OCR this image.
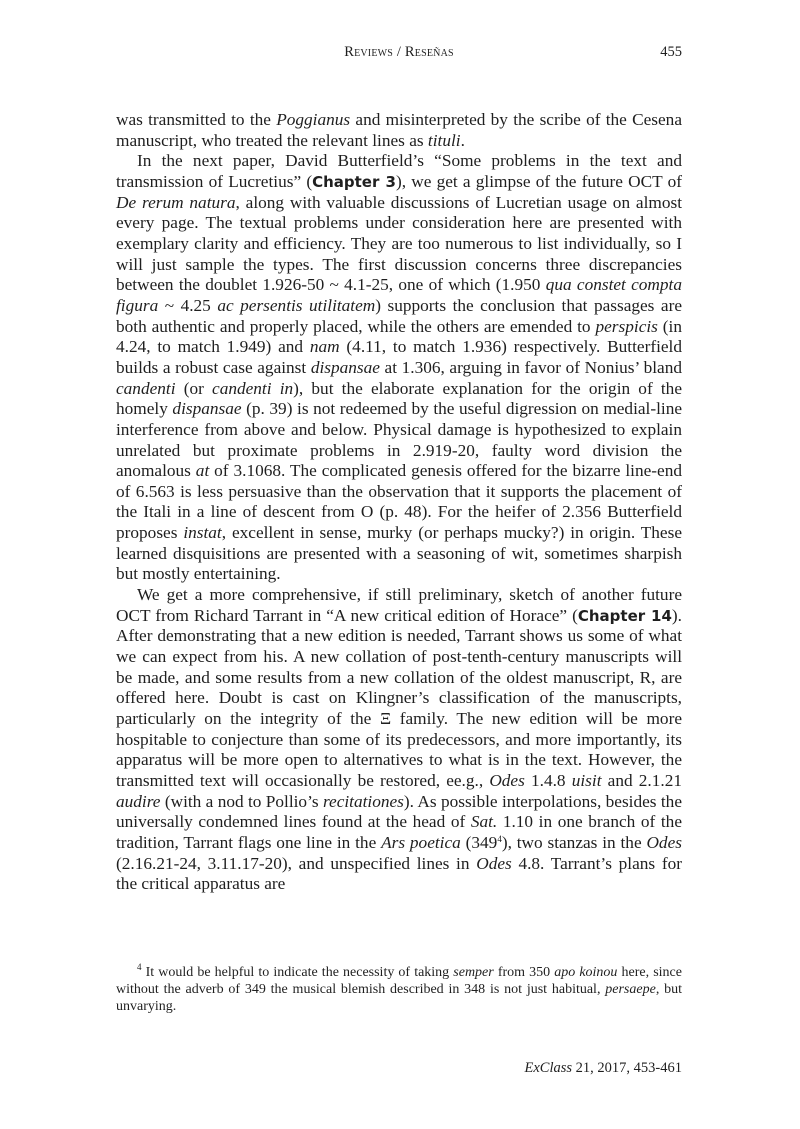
Reviews / Reseñas	455

was transmitted to the Poggianus and misinterpreted by the scribe of the Cesena manuscript, who treated the relevant lines as tituli.

In the next paper, David Butterfield’s “Some problems in the text and transmission of Lucretius” (Chapter 3), we get a glimpse of the future OCT of De rerum natura, along with valuable discussions of Lucretian usage on almost every page. The textual problems under consideration here are presented with exemplary clarity and efficiency. They are too numerous to list individually, so I will just sample the types. The first discussion concerns three discrepancies between the doublet 1.926-50 ~ 4.1-25, one of which (1.950 qua constet compta figura ~ 4.25 ac persentis utilitatem) supports the conclusion that passages are both authentic and properly placed, while the others are emended to perspicis (in 4.24, to match 1.949) and nam (4.11, to match 1.936) respectively. Butterfield builds a robust case against dispansae at 1.306, arguing in favor of Nonius’ bland candenti (or candenti in), but the elaborate explanation for the origin of the homely dispansae (p. 39) is not redeemed by the useful digression on medial-line interference from above and below. Physical damage is hypothesized to explain unrelated but proximate problems in 2.919-20, faulty word division the anomalous at of 3.1068. The complicated genesis offered for the bizarre line-end of 6.563 is less persuasive than the observation that it supports the placement of the Itali in a line of descent from O (p. 48). For the heifer of 2.356 Butterfield proposes instat, excellent in sense, murky (or perhaps mucky?) in origin. These learned disquisitions are presented with a seasoning of wit, sometimes sharpish but mostly entertaining.

We get a more comprehensive, if still preliminary, sketch of another future OCT from Richard Tarrant in “A new critical edition of Horace” (Chapter 14). After demonstrating that a new edition is needed, Tarrant shows us some of what we can expect from his. A new collation of post-tenth-century manuscripts will be made, and some results from a new collation of the oldest manuscript, R, are offered here. Doubt is cast on Klingner’s classification of the manuscripts, particularly on the integrity of the Ξ family. The new edition will be more hospitable to conjecture than some of its predecessors, and more importantly, its apparatus will be more open to alternatives to what is in the text. However, the transmitted text will occasionally be restored, ee.g., Odes 1.4.8 uisit and 2.1.21 audire (with a nod to Pollio’s recitationes). As possible interpolations, besides the universally condemned lines found at the head of Sat. 1.10 in one branch of the tradition, Tarrant flags one line in the Ars poetica $(349^4)$, two stanzas in the Odes (2.16.21-24, 3.11.17-20), and unspecified lines in Odes 4.8. Tarrant’s plans for the critical apparatus are

$^4$ It would be helpful to indicate the necessity of taking semper from 350 apo koinou here, since without the adverb of 349 the musical blemish described in 348 is not just habitual, persaepe, but unvarying.

ExClass 21, 2017, 453-461
